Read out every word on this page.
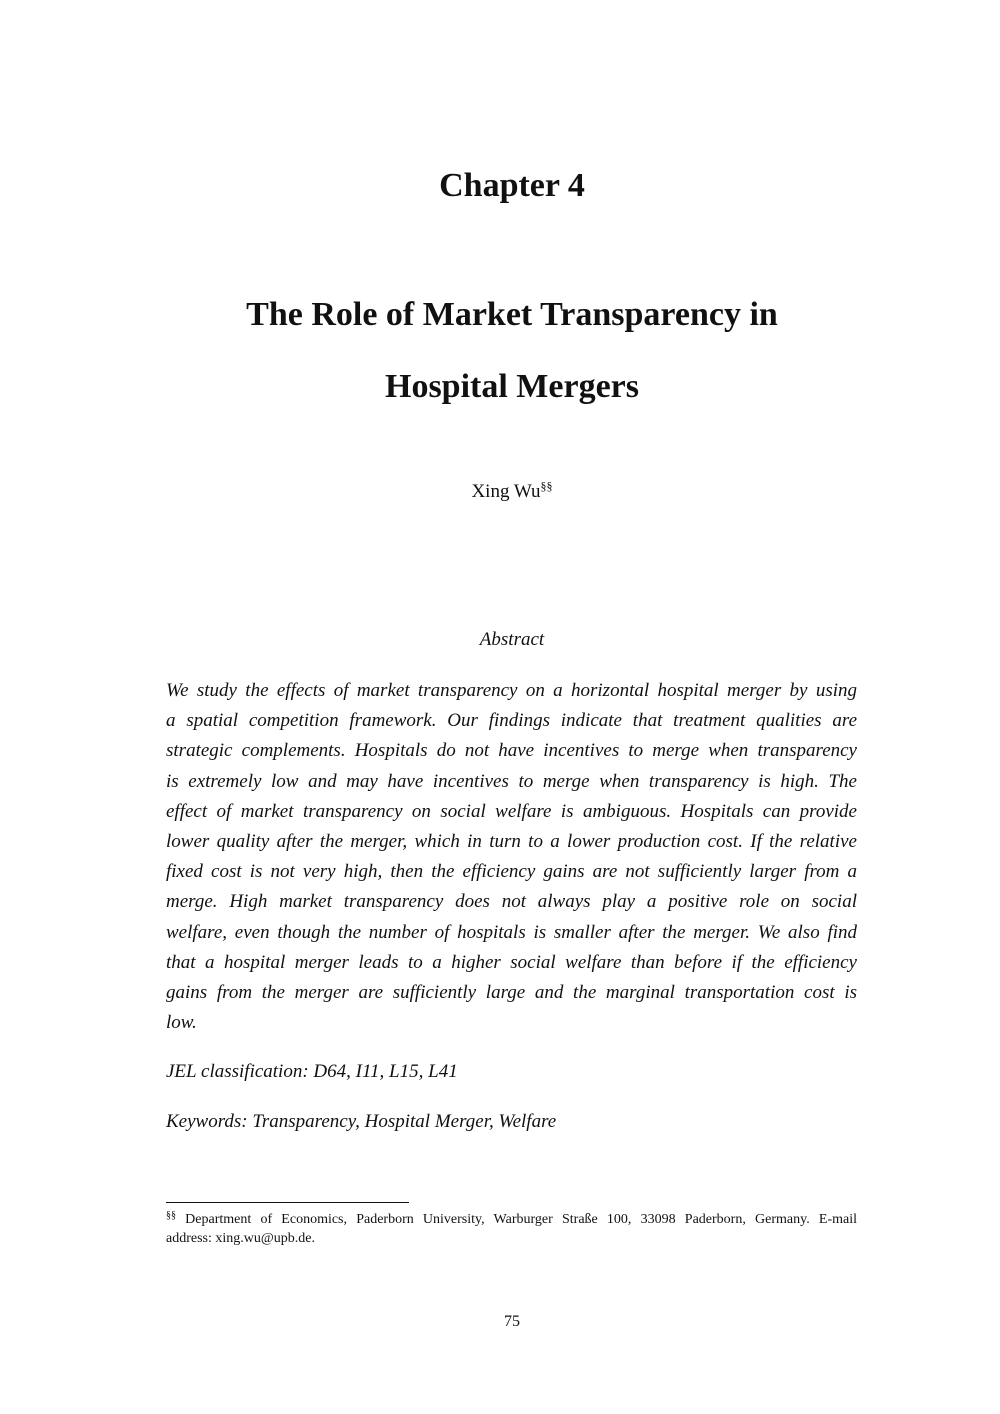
Chapter 4
The Role of Market Transparency in
Hospital Mergers
Xing Wu§§
Abstract
We study the effects of market transparency on a horizontal hospital merger by using
a spatial competition framework. Our findings indicate that treatment qualities are
strategic complements. Hospitals do not have incentives to merge when transparency
is extremely low and may have incentives to merge when transparency is high. The
effect of market transparency on social welfare is ambiguous. Hospitals can provide
lower quality after the merger, which in turn to a lower production cost. If the relative
fixed cost is not very high, then the efficiency gains are not sufficiently larger from a
merge. High market transparency does not always play a positive role on social
welfare, even though the number of hospitals is smaller after the merger. We also find
that a hospital merger leads to a higher social welfare than before if the efficiency
gains from the merger are sufficiently large and the marginal transportation cost is
low.
JEL classification: D64, I11, L15, L41
Keywords: Transparency, Hospital Merger, Welfare
§§ Department of Economics, Paderborn University, Warburger Straße 100, 33098 Paderborn, Germany. E-mail
address: xing.wu@upb.de.
75
